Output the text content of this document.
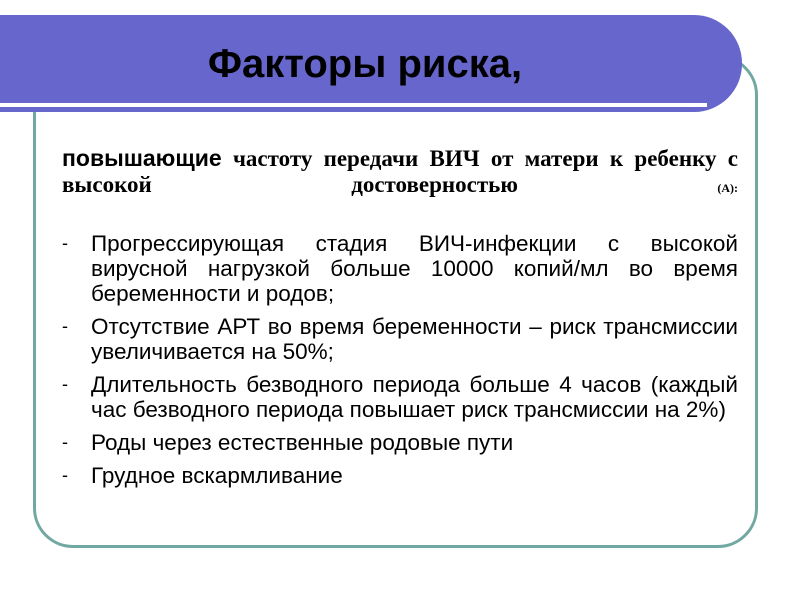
Факторы риска,

повышающие частоту передачи ВИЧ от матери к ребенку с высокой достоверностью	(А):

- Прогрессирующая стадия ВИЧ-инфекции с высокой вирусной нагрузкой больше 10000 копий/мл во время беременности и родов;
- Отсутствие АРТ во время беременности – риск трансмиссии увеличивается на 50%;
- Длительность безводного периода больше 4 часов (каждый час безводного периода повышает риск трансмиссии на 2%)
- Роды через естественные родовые пути
- Грудное вскармливание
